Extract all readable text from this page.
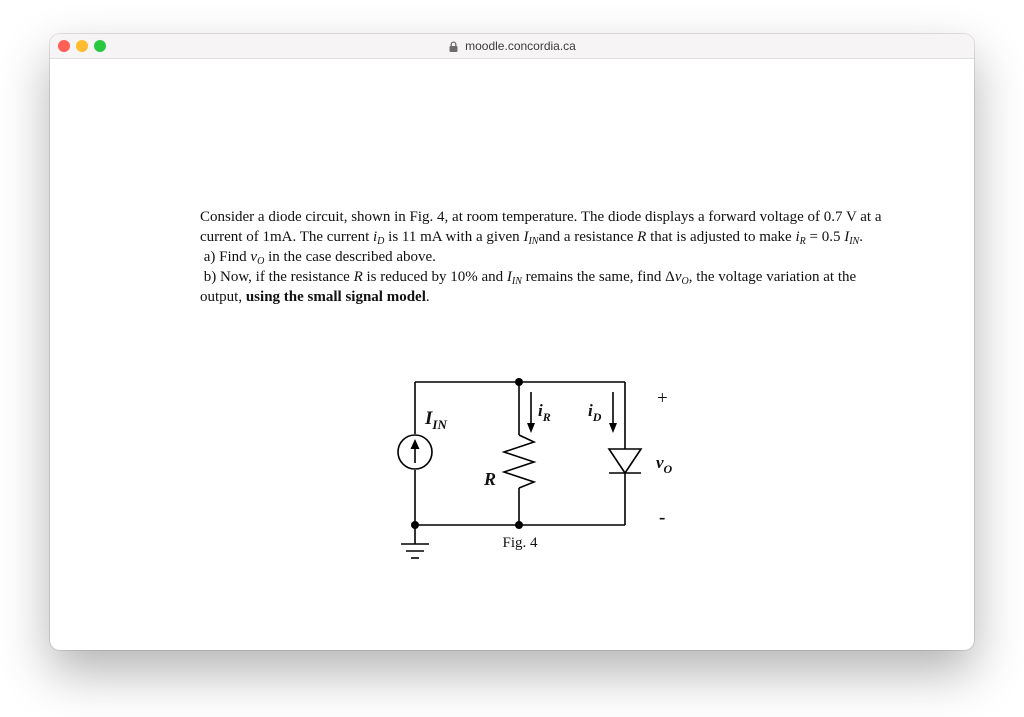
moodle.concordia.ca

Consider a diode circuit, shown in Fig. 4, at room temperature. The diode displays a forward voltage of 0.7 V at a current of 1mA. The current $i_D$ is 11 mA with a given $I_{IN}and$ a resistance R that is adjusted to make $i_R = 0.5$ $I_{IN}$.

a) Find $v_O$ in the case described above.

b) Now, if the resistance R is reduced by 10% and $I_{IN}$ remains the same, find $\Delta v_O$, the voltage variation at the output, using the small signal model.

$I_{IN}$
$i_R$ $i_D$
R
$v_O$
+
-
Fig. 4
